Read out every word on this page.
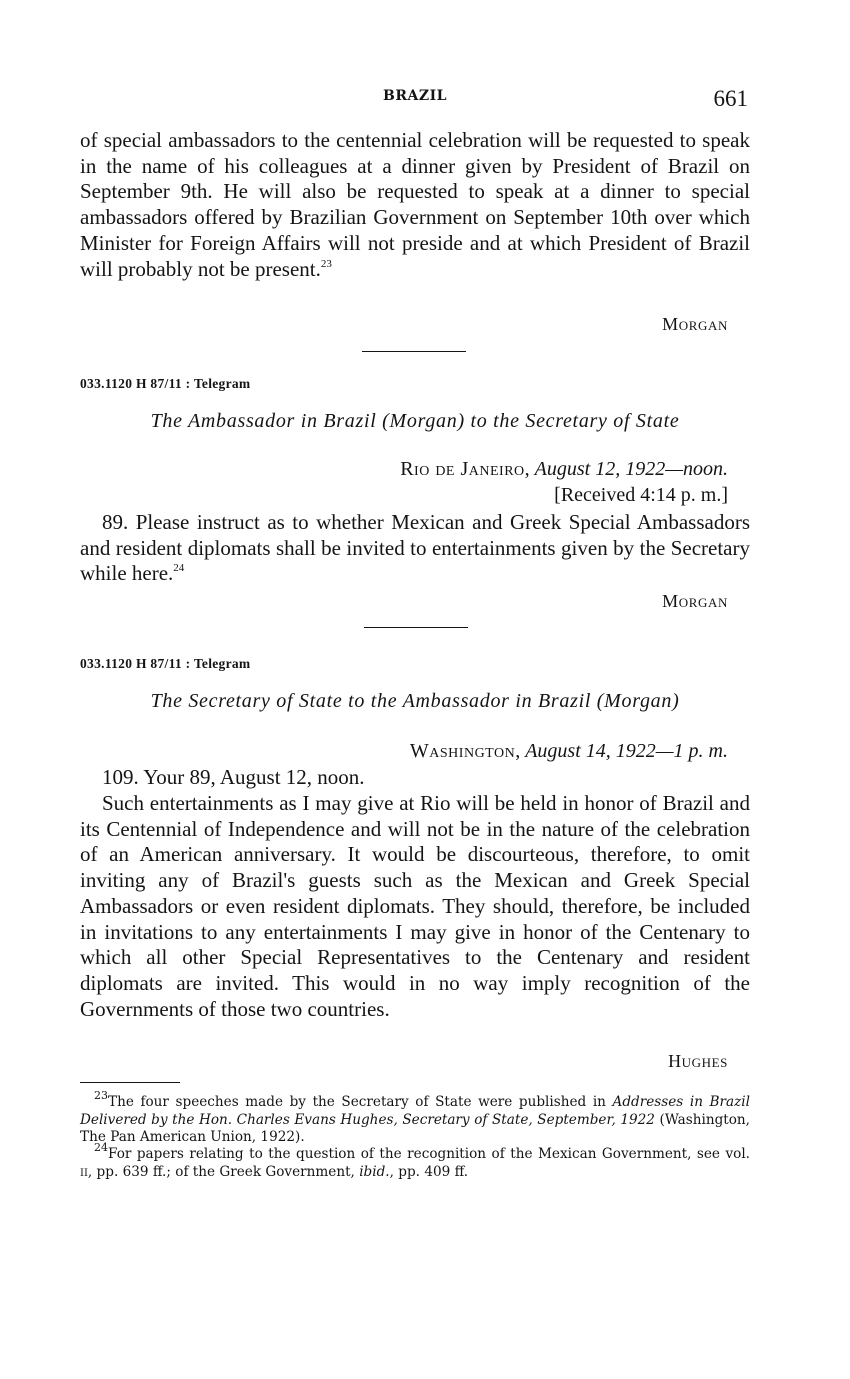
BRAZIL	661

of special ambassadors to the centennial celebration will be requested to speak in the name of his colleagues at a dinner given by President of Brazil on September 9th. He will also be requested to speak at a dinner to special ambassadors offered by Brazilian Government on September 10th over which Minister for Foreign Affairs will not preside and at which President of Brazil will probably not be present.$^{23}$

Morgan
033.1120 H 87/11 : Telegram
The Ambassador in Brazil (Morgan) to the Secretary of State
Rio de Janeiro, August 12, 1922—noon.
[Received 4:14 p. m.]

89. Please instruct as to whether Mexican and Greek Special Ambassadors and resident diplomats shall be invited to entertainments given by the Secretary while here.$^{24}$

Morgan
033.1120 H 87/11 : Telegram
The Secretary of State to the Ambassador in Brazil (Morgan)
Washington, August 14, 1922—1 p. m.

109. Your 89, August 12, noon.

Such entertainments as I may give at Rio will be held in honor of Brazil and its Centennial of Independence and will not be in the nature of the celebration of an American anniversary. It would be discourteous, therefore, to omit inviting any of Brazil's guests such as the Mexican and Greek Special Ambassadors or even resident diplomats. They should, therefore, be included in invitations to any entertainments I may give in honor of the Centenary to which all other Special Representatives to the Centenary and resident diplomats are invited. This would in no way imply recognition of the Governments of those two countries.

Hughes

$^{23}$The four speeches made by the Secretary of State were published in Addresses in Brazil Delivered by the Hon. Charles Evans Hughes, Secretary of State, September, 1922 (Washington, The Pan American Union, 1922).

$^{24}$For papers relating to the question of the recognition of the Mexican Government, see vol. ii, pp. 639 ff.; of the Greek Government, ibid., pp. 409 ff.
